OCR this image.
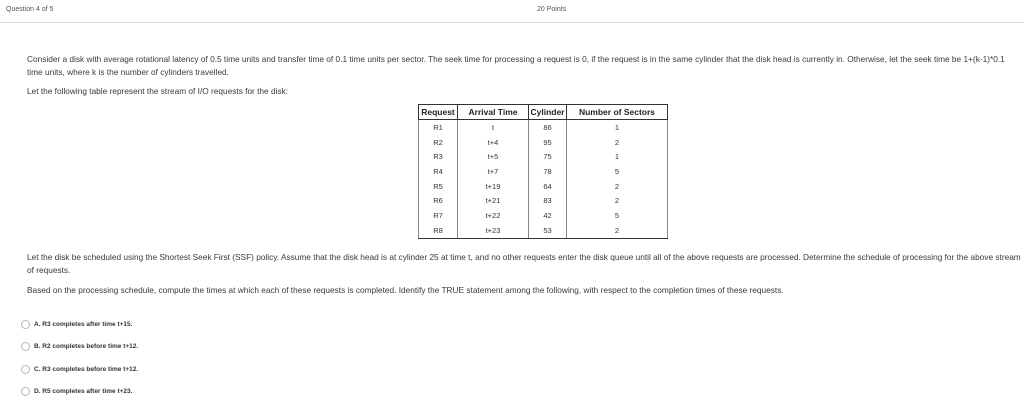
Question 4 of 5	20 Points
Consider a disk with average rotational latency of 0.5 time units and transfer time of 0.1 time units per sector. The seek time for processing a request is 0, if the request is in the same cylinder that the disk head is currently in. Otherwise, let the seek time be 1+(k-1)*0.1 time units, where k is the number of cylinders travelled.
Let the following table represent the stream of I/O requests for the disk:
Request	Arrival Time	Cylinder	Number of Sectors
R1	t	86	1
R2	t+4	95	2
R3	t+5	75	1
R4	t+7	78	5
R5	t+19	64	2
R6	t+21	83	2
R7	t+22	42	5
R8	t+23	53	2
Let the disk be scheduled using the Shortest Seek First (SSF) policy. Assume that the disk head is at cylinder 25 at time t, and no other requests enter the disk queue until all of the above requests are processed. Determine the schedule of processing for the above stream of requests.
Based on the processing schedule, compute the times at which each of these requests is completed. Identify the TRUE statement among the following, with respect to the completion times of these requests.
A. R3 completes after time t+15.
B. R2 completes before time t+12.
C. R3 completes before time t+12.
D. R5 completes after time t+23.
